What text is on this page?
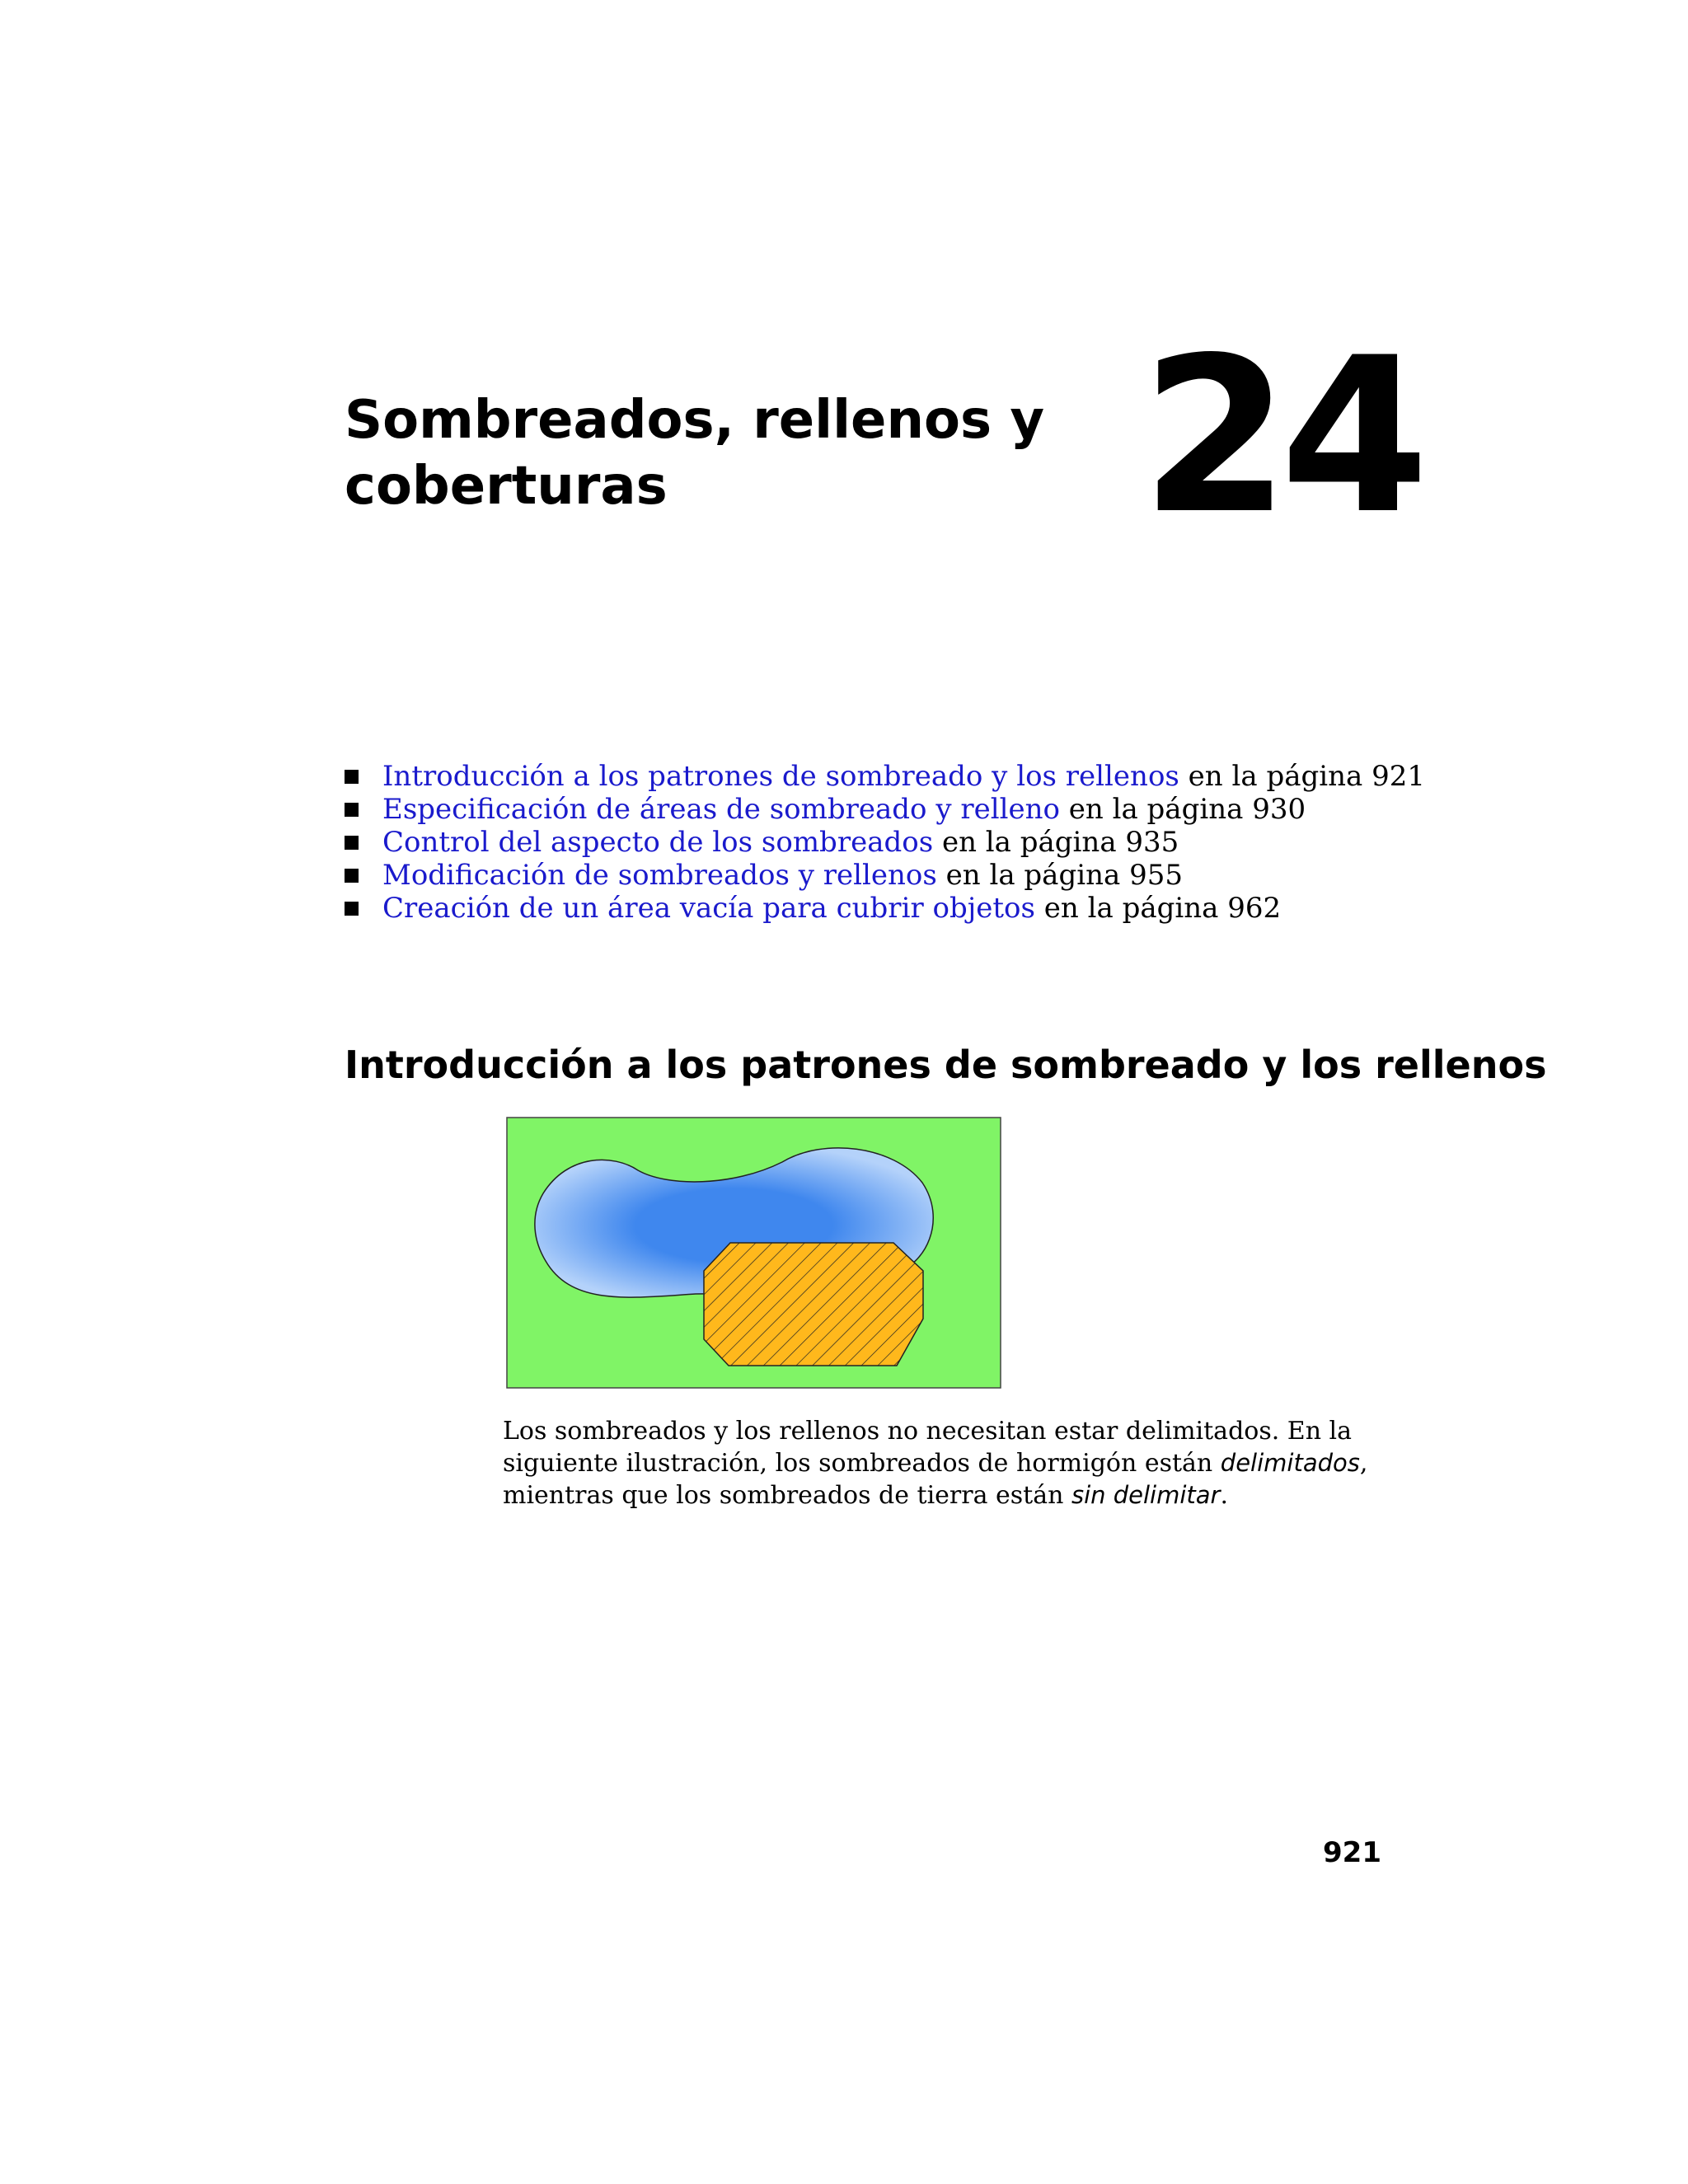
Sombreados, rellenos y
coberturas	24
Introducción a los patrones de sombreado y los rellenos en la página 921
Especificación de áreas de sombreado y relleno en la página 930
Control del aspecto de los sombreados en la página 935
Modificación de sombreados y rellenos en la página 955
Creación de un área vacía para cubrir objetos en la página 962
Introducción a los patrones de sombreado y los rellenos

Los sombreados y los rellenos no necesitan estar delimitados. En la siguiente ilustración, los sombreados de hormigón están delimitados, mientras que los sombreados de tierra están sin delimitar.

921
